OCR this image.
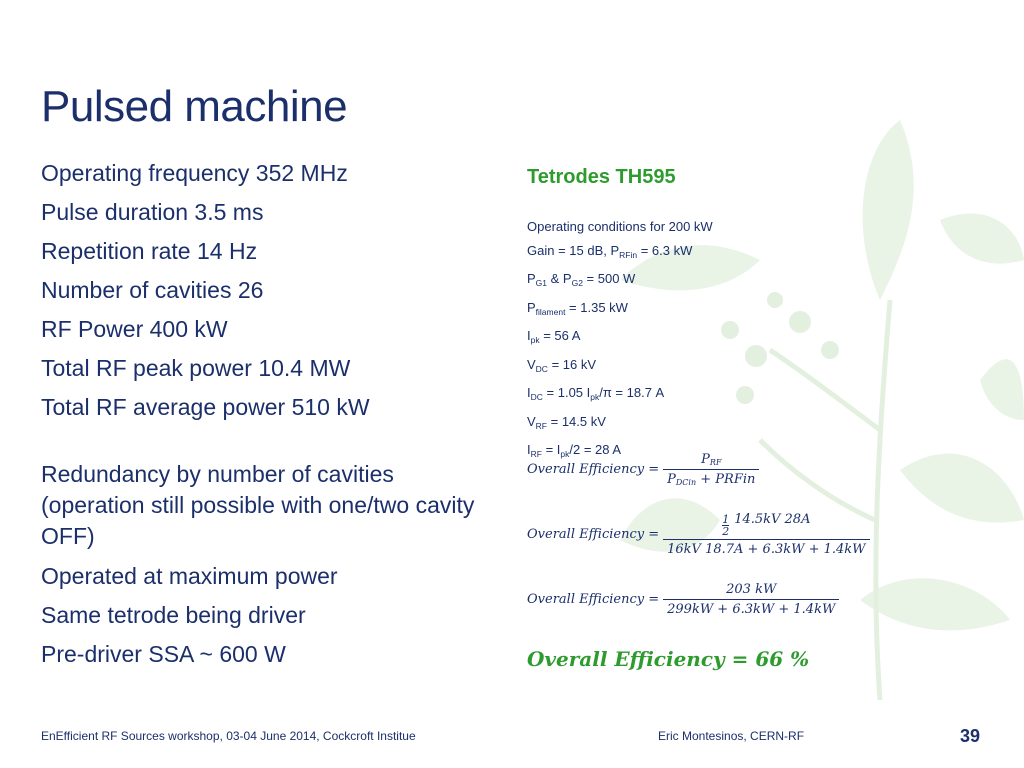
Pulsed machine
Operating frequency 352 MHz
Pulse duration 3.5 ms
Repetition rate 14 Hz
Number of cavities 26
RF Power 400 kW
Total RF peak power 10.4 MW
Total RF average power 510 kW
Redundancy by number of cavities (operation still possible with one/two cavity OFF)
Operated at maximum power
Same tetrode being driver
Pre-driver SSA ~ 600 W
Tetrodes TH595
Operating conditions for 200 kW
Gain = 15 dB, $P_{RFin} = 6.3$ kW
$P_{G1}$ & $P_{G2} = 500$ W
$P_{filament} = 1.35$ kW
$I_{pk} = 56$ A
$V_{DC} = 16$ kV
$I_{DC} = 1.05$ $I_{pk}/\pi = 18.7$ A
$V_{RF} = 14.5$ kV
$I_{RF} = I_{pk}/2 = 28$ A
Overall Efficiency = $\frac{P_{RF}}{P_{DCin} + PRFin}$
Overall Efficiency = $\frac{\frac{1}{2} 14.5kV 28A}{16kV 18.7A + 6.3kW + 1.4kW}$
Overall Efficiency = $\frac{203 kW}{299kW + 6.3kW + 1.4kW}$
Overall Efficiency = 66 %
EnEfficient RF Sources workshop, 03-04 June 2014, Cockcroft Institue	Eric Montesinos, CERN-RF	39
